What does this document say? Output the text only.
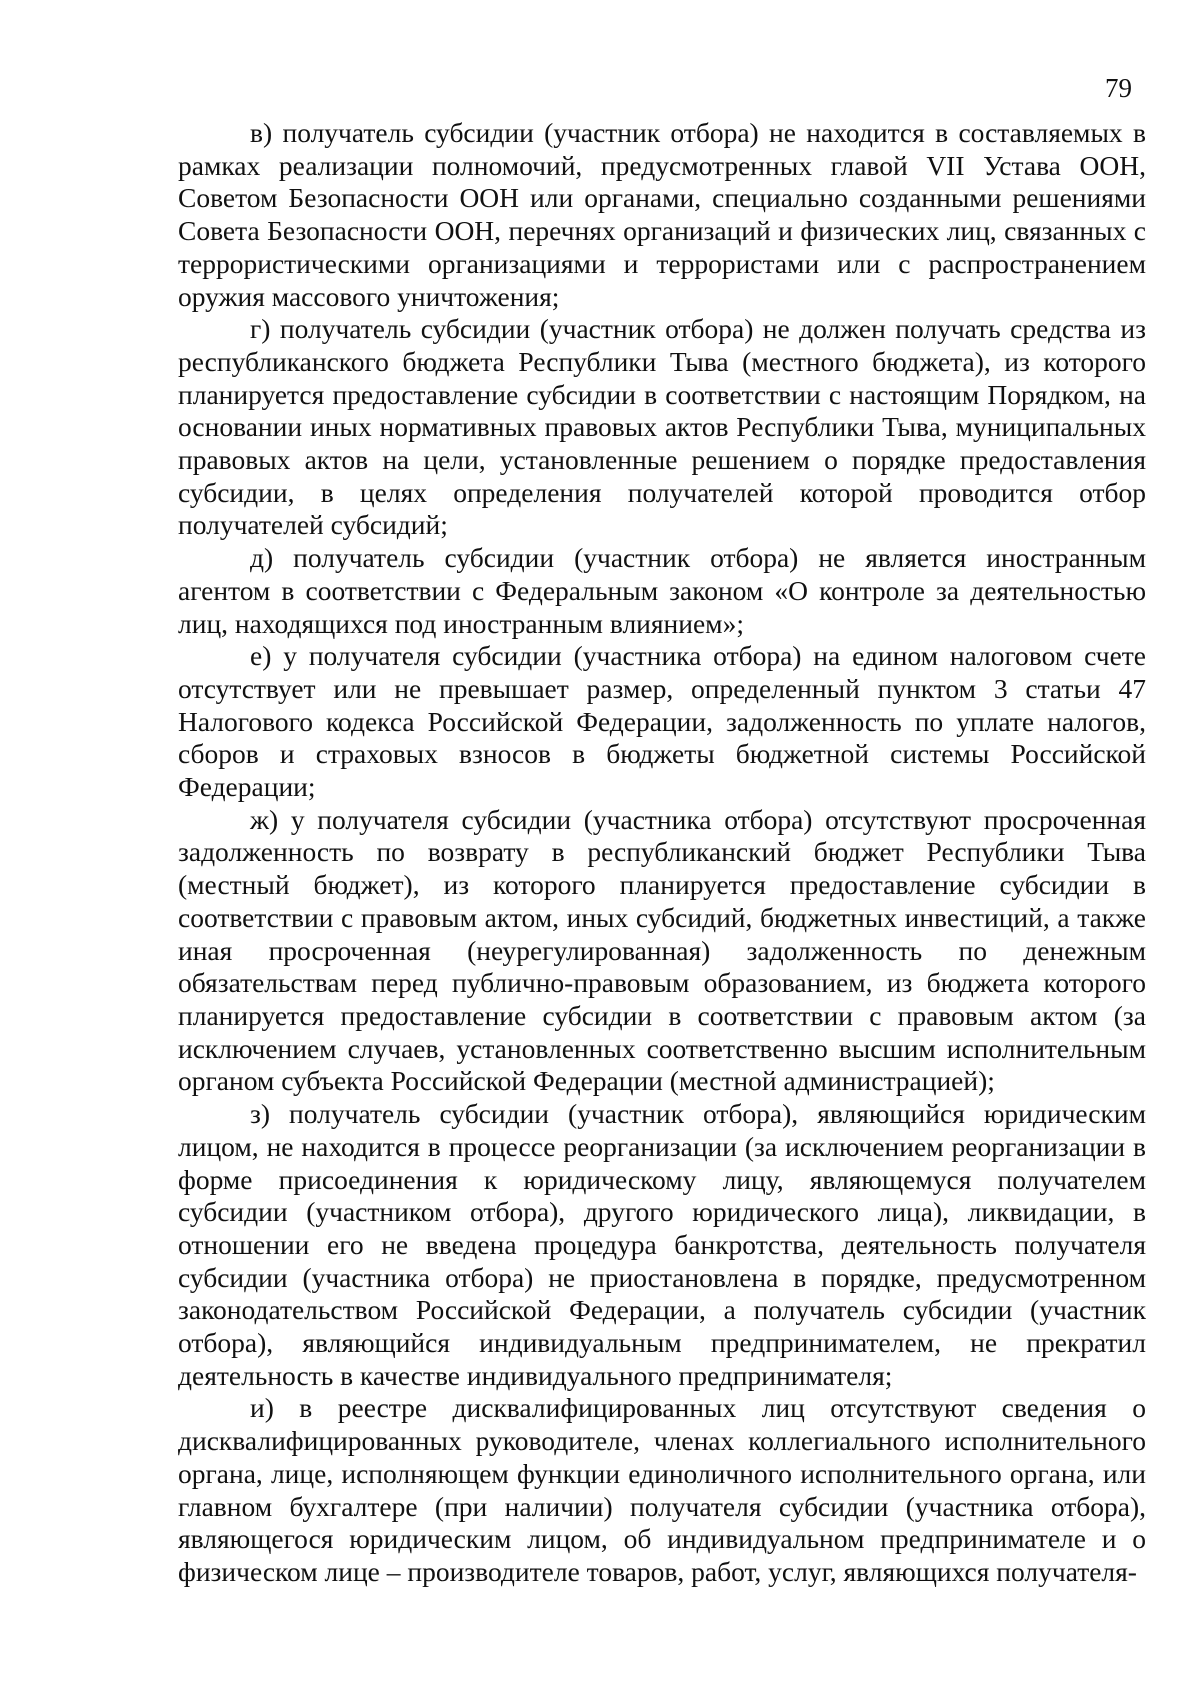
79

в) получатель субсидии (участник отбора) не находится в составляемых в рамках реализации полномочий, предусмотренных главой VII Устава ООН, Советом Безопасности ООН или органами, специально созданными решениями Совета Безопасности ООН, перечнях организаций и физических лиц, связанных с террористическими организациями и террористами или с распространением оружия массового уничтожения;

г) получатель субсидии (участник отбора) не должен получать средства из республиканского бюджета Республики Тыва (местного бюджета), из которого планируется предоставление субсидии в соответствии с настоящим Порядком, на основании иных нормативных правовых актов Республики Тыва, муниципальных правовых актов на цели, установленные решением о порядке предоставления субсидии, в целях определения получателей которой проводится отбор получателей субсидий;

д) получатель субсидии (участник отбора) не является иностранным агентом в соответствии с Федеральным законом «О контроле за деятельностью лиц, находящихся под иностранным влиянием»;

е) у получателя субсидии (участника отбора) на едином налоговом счете отсутствует или не превышает размер, определенный пунктом 3 статьи 47 Налогового кодекса Российской Федерации, задолженность по уплате налогов, сборов и страховых взносов в бюджеты бюджетной системы Российской Федерации;

ж) у получателя субсидии (участника отбора) отсутствуют просроченная задолженность по возврату в республиканский бюджет Республики Тыва (местный бюджет), из которого планируется предоставление субсидии в соответствии с правовым актом, иных субсидий, бюджетных инвестиций, а также иная просроченная (неурегулированная) задолженность по денежным обязательствам перед публично-правовым образованием, из бюджета которого планируется предоставление субсидии в соответствии с правовым актом (за исключением случаев, установленных соответственно высшим исполнительным органом субъекта Российской Федерации (местной администрацией);

з) получатель субсидии (участник отбора), являющийся юридическим лицом, не находится в процессе реорганизации (за исключением реорганизации в форме присоединения к юридическому лицу, являющемуся получателем субсидии (участником отбора), другого юридического лица), ликвидации, в отношении его не введена процедура банкротства, деятельность получателя субсидии (участника отбора) не приостановлена в порядке, предусмотренном законодательством Российской Федерации, а получатель субсидии (участник отбора), являющийся индивидуальным предпринимателем, не прекратил деятельность в качестве индивидуального предпринимателя;

и) в реестре дисквалифицированных лиц отсутствуют сведения о дисквалифицированных руководителе, членах коллегиального исполнительного органа, лице, исполняющем функции единоличного исполнительного органа, или главном бухгалтере (при наличии) получателя субсидии (участника отбора), являющегося юридическим лицом, об индивидуальном предпринимателе и о физическом лице – производителе товаров, работ, услуг, являющихся получателя-
